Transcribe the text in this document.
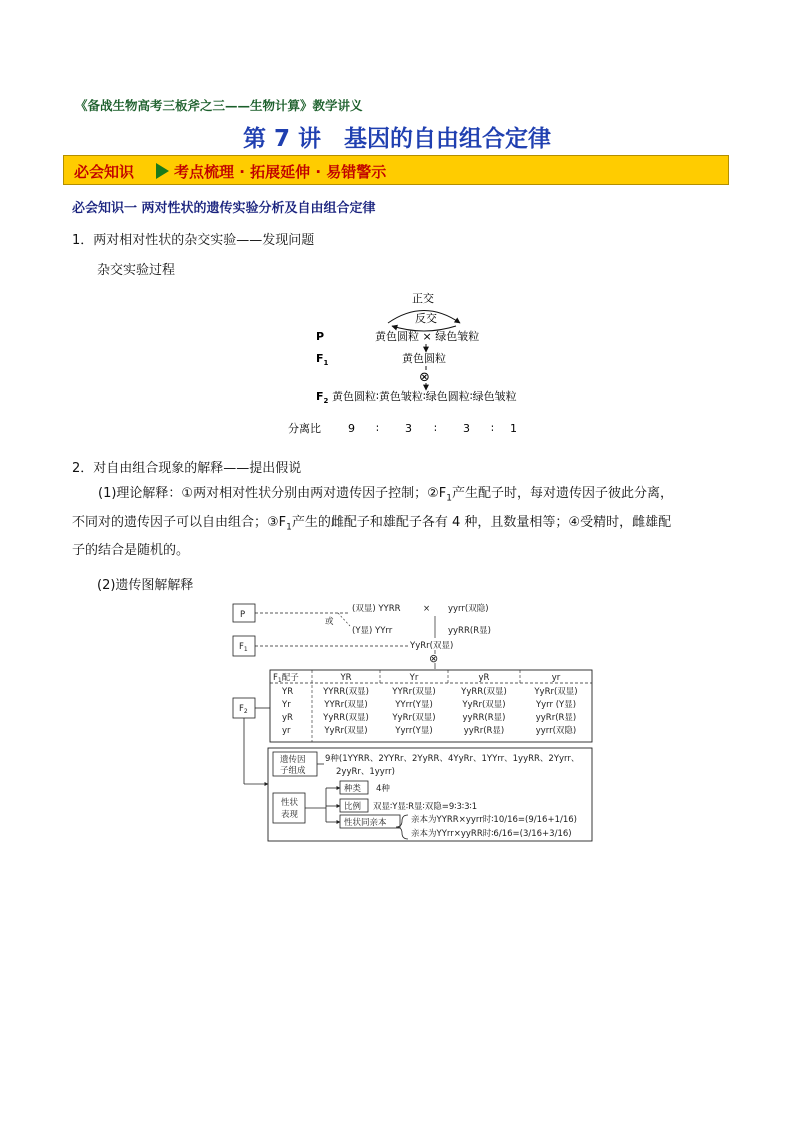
《备战生物高考三板斧之三——生物计算》教学讲义
第 7 讲　基因的自由组合定律
必会知识	考点梳理 · 拓展延伸 · 易错警示
必会知识一 两对性状的遗传实验分析及自由组合定律
1．两对相对性状的杂交实验——发现问题
杂交实验过程
正交
反交
P	黄色圆粒 × 绿色皱粒
$F_1$	黄色圆粒
⊗
$F_2$ 黄色圆粒∶黄色皱粒∶绿色圆粒∶绿色皱粒
分离比 9 ∶ 3 ∶ 3 ∶ 1
2．对自由组合现象的解释——提出假说
(1)理论解释：①两对相对性状分别由两对遗传因子控制；$②F_1$产生配子时，每对遗传因子彼此分离，
不同对的遗传因子可以自由组合；$③F_1$产生的雌配子和雄配子各有 4 种，且数量相等；④受精时，雌雄配
子的结合是随机的。
(2)遗传图解解释
P
$F_1$
$F_2$
或
(双显) YYRR	× yyrr(双隐)
(Y显) YYrr	yyRR(R显)
YyRr(双显)
⊗
$F_1$配子	YR	Yr	yR	yr
YR	YYRR(双显)	YYRr(双显)	YyRR(双显)	YyRr(双显)
Yr	YYRr(双显)	YYrr(Y显)	YyRr(双显)	Yyrr (Y显)
yR	YyRR(双显)	YyRr(双显)	yyRR(R显)	yyRr(R显)
yr	YyRr(双显)	Yyrr(Y显)	yyRr(R显)	yyrr(双隐)
遗传因
子组成
9种(1YYRR、2YYRr、2YyRR、4YyRr、1YYrr、1yyRR、2Yyrr、
2yyRr、1yyrr)
性状
表现
种类 4种
比例 双显∶Y显∶R显∶双隐=9∶3∶3∶1
性状同亲本	亲本为YYRR×yyrr时∶10/16=(9/16+1/16)
亲本为YYrr×yyRR时∶6/16=(3/16+3/16)
